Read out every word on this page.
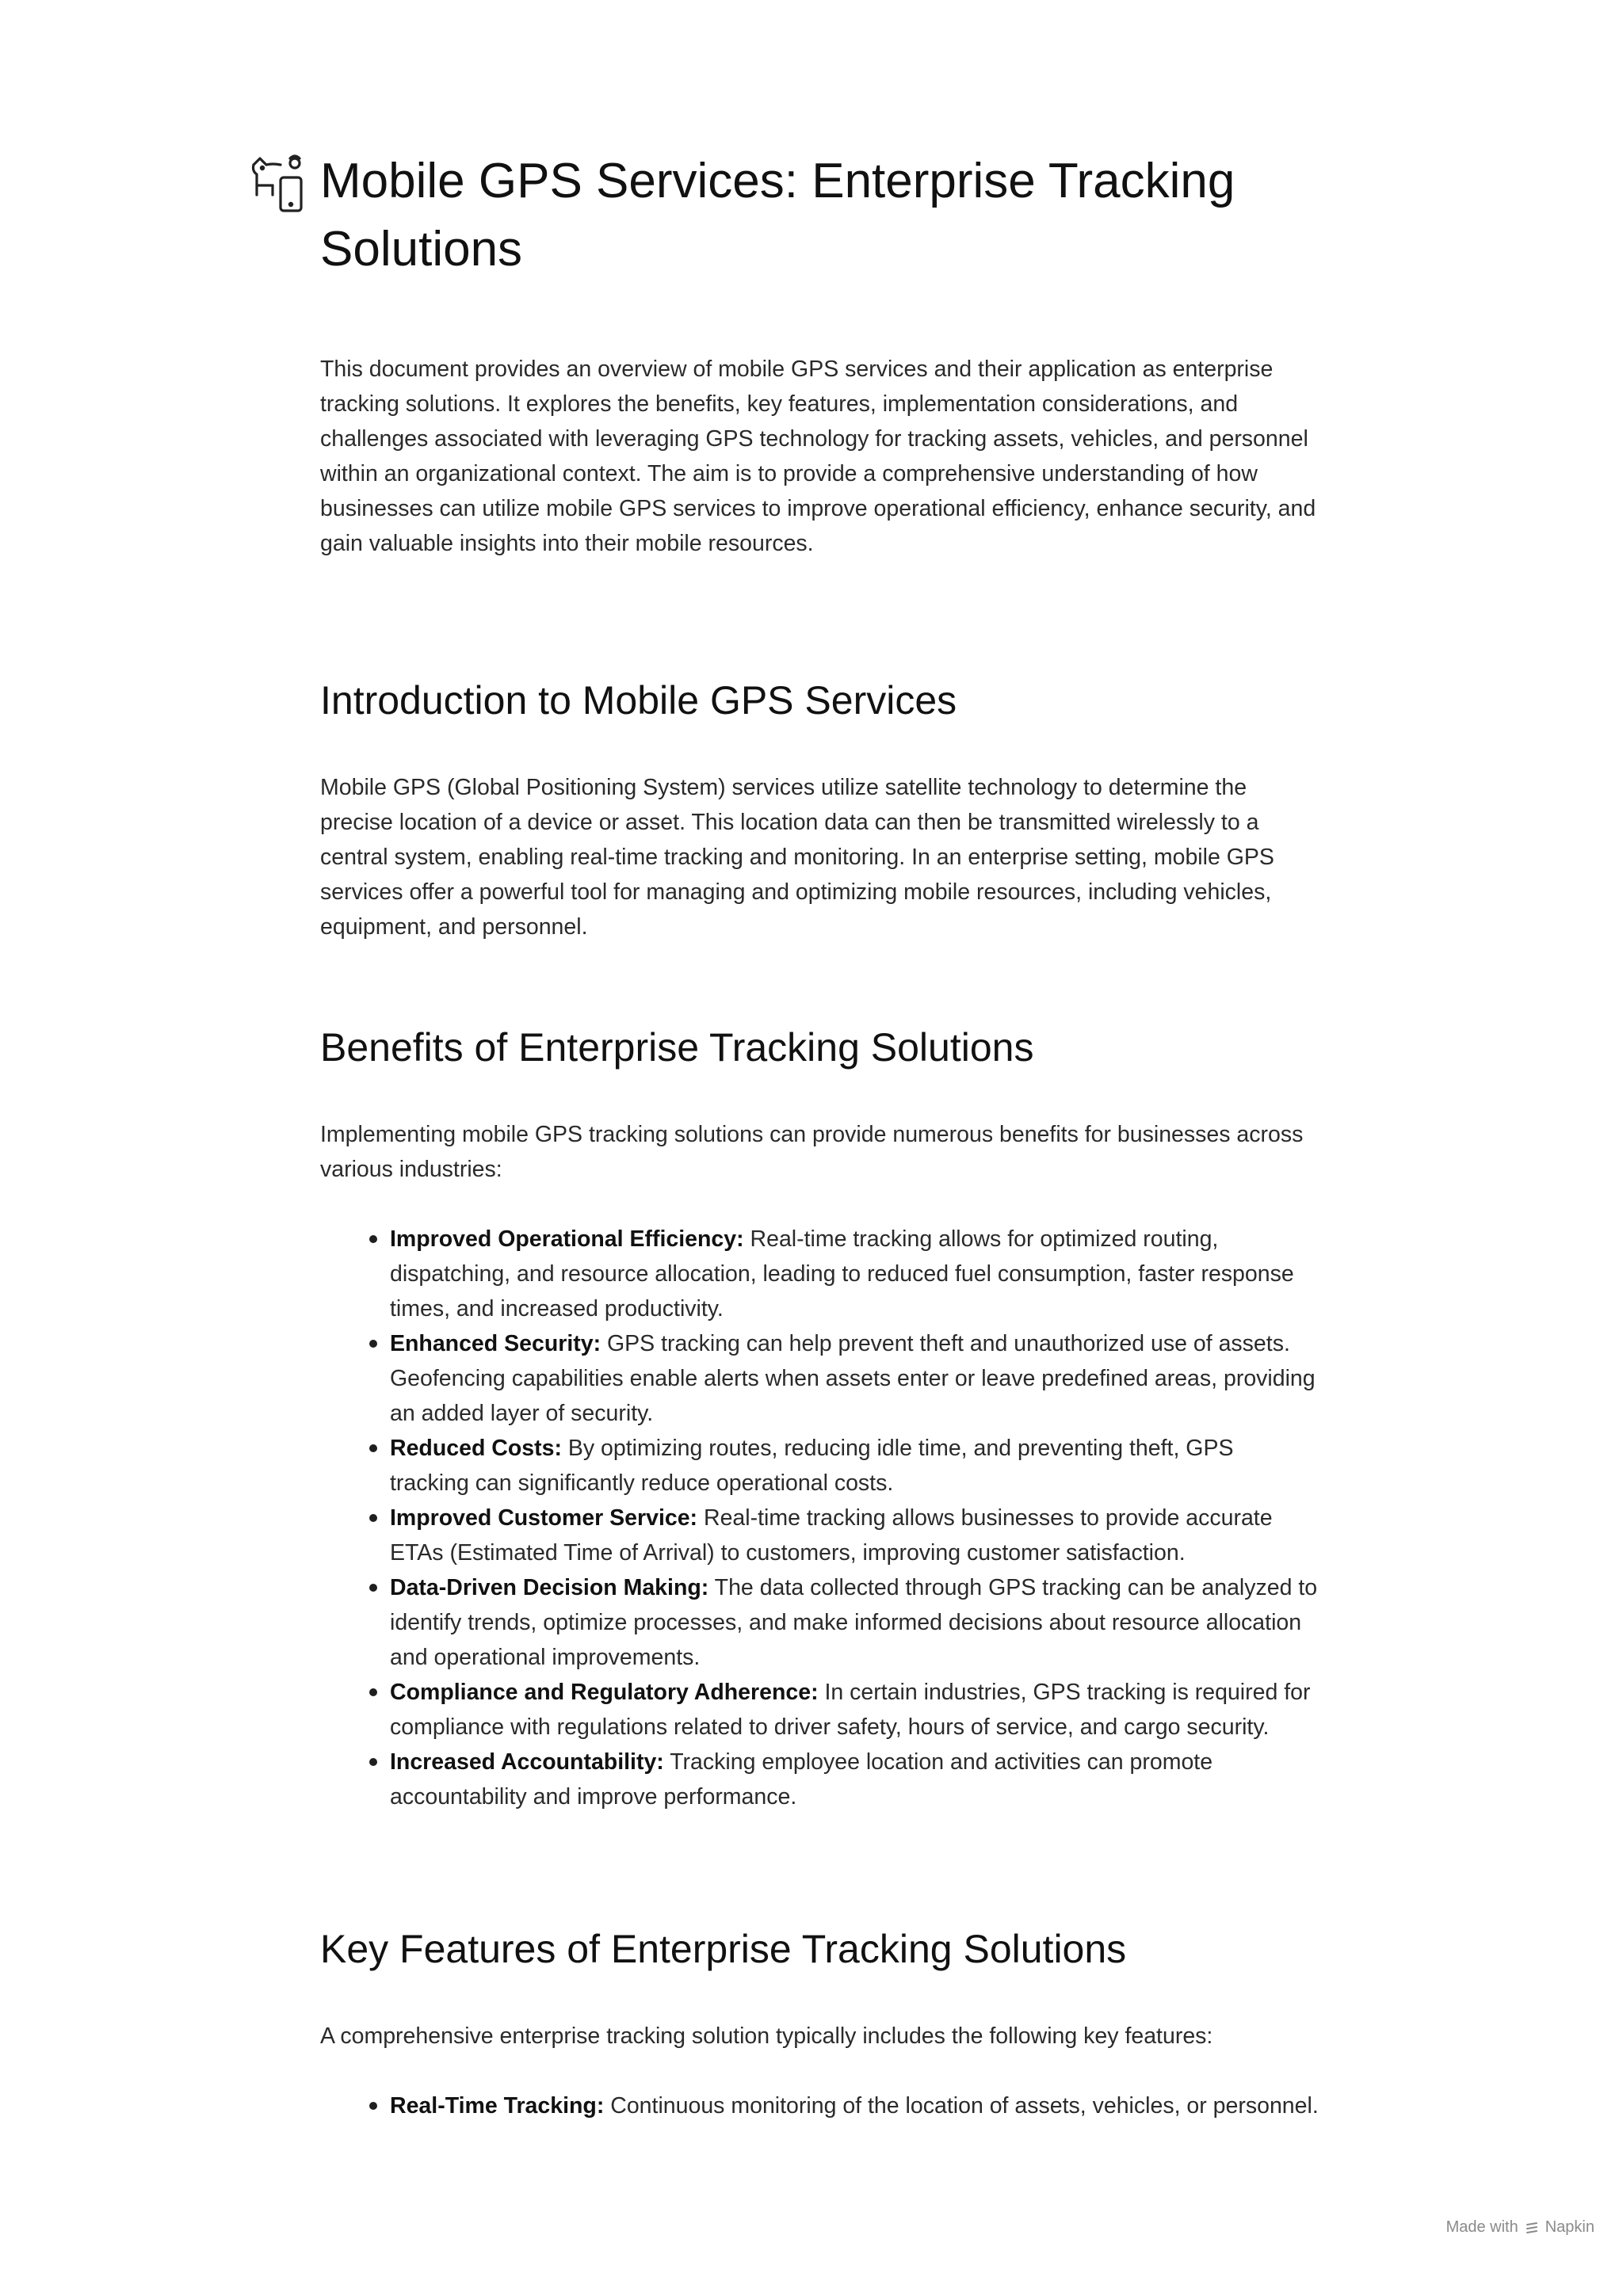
Mobile GPS Services: Enterprise Tracking Solutions

This document provides an overview of mobile GPS services and their application as enterprise tracking solutions. It explores the benefits, key features, implementation considerations, and challenges associated with leveraging GPS technology for tracking assets, vehicles, and personnel within an organizational context. The aim is to provide a comprehensive understanding of how businesses can utilize mobile GPS services to improve operational efficiency, enhance security, and gain valuable insights into their mobile resources.

Introduction to Mobile GPS Services

Mobile GPS (Global Positioning System) services utilize satellite technology to determine the precise location of a device or asset. This location data can then be transmitted wirelessly to a central system, enabling real-time tracking and monitoring. In an enterprise setting, mobile GPS services offer a powerful tool for managing and optimizing mobile resources, including vehicles, equipment, and personnel.

Benefits of Enterprise Tracking Solutions

Implementing mobile GPS tracking solutions can provide numerous benefits for businesses across various industries:

Improved Operational Efficiency: Real-time tracking allows for optimized routing, dispatching, and resource allocation, leading to reduced fuel consumption, faster response times, and increased productivity.
Enhanced Security: GPS tracking can help prevent theft and unauthorized use of assets. Geofencing capabilities enable alerts when assets enter or leave predefined areas, providing an added layer of security.
Reduced Costs: By optimizing routes, reducing idle time, and preventing theft, GPS tracking can significantly reduce operational costs.
Improved Customer Service: Real-time tracking allows businesses to provide accurate ETAs (Estimated Time of Arrival) to customers, improving customer satisfaction.
Data-Driven Decision Making: The data collected through GPS tracking can be analyzed to identify trends, optimize processes, and make informed decisions about resource allocation and operational improvements.
Compliance and Regulatory Adherence: In certain industries, GPS tracking is required for compliance with regulations related to driver safety, hours of service, and cargo security.
Increased Accountability: Tracking employee location and activities can promote accountability and improve performance.
Key Features of Enterprise Tracking Solutions

A comprehensive enterprise tracking solution typically includes the following key features:

Real-Time Tracking: Continuous monitoring of the location of assets, vehicles, or personnel.
Made with Napkin
